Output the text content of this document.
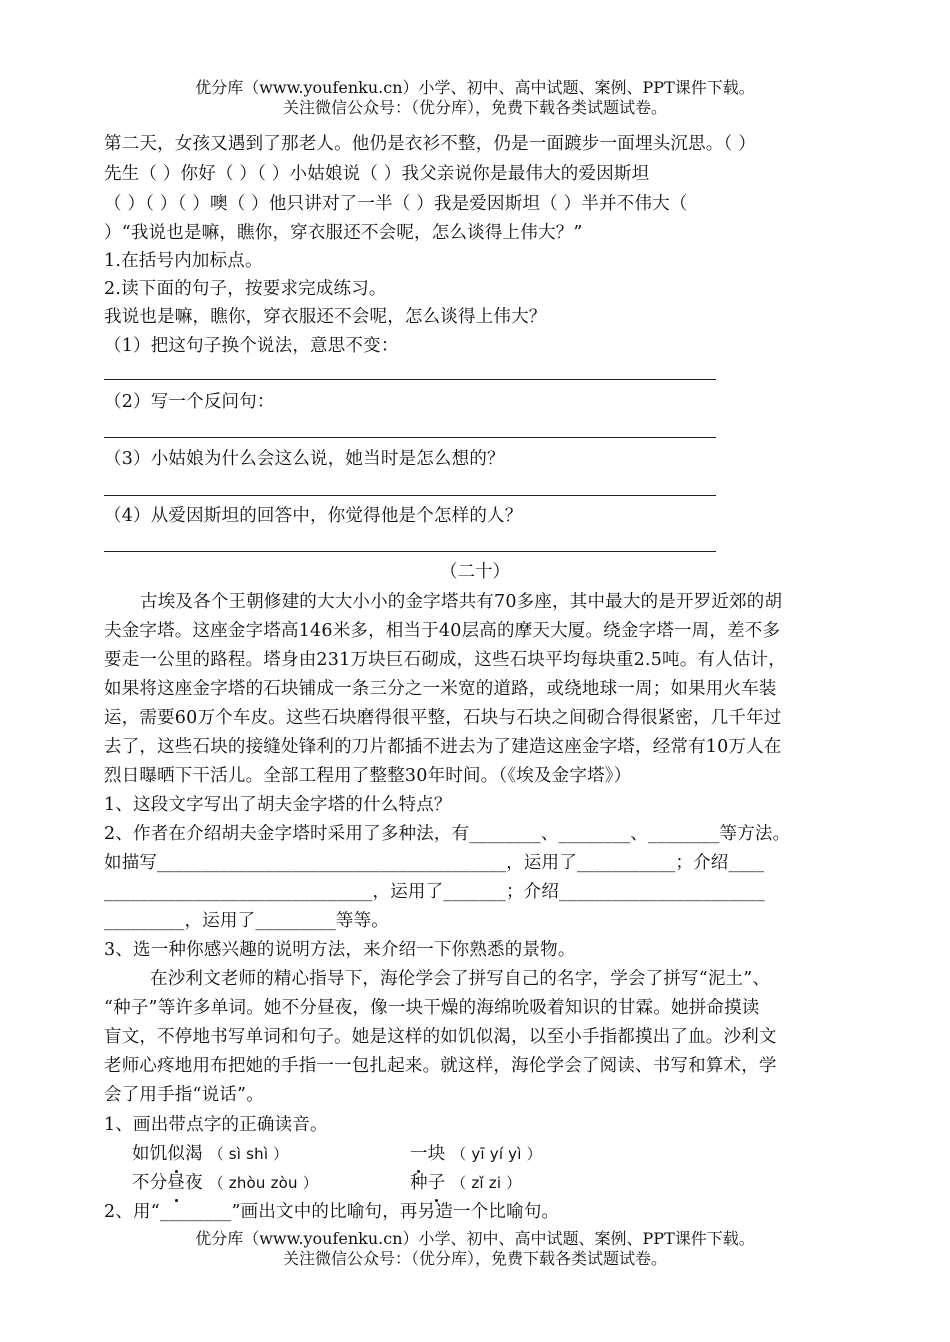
优分库（www.youfenku.cn）小学、初中、高中试题、案例、PPT课件下载。
关注微信公众号：（优分库），免费下载各类试题试卷。
第二天，女孩又遇到了那老人。他仍是衣衫不整，仍是一面踱步一面埋头沉思。（ ）
先生（ ）你好（ ）（ ）小姑娘说（ ）我父亲说你是最伟大的爱因斯坦
（ ）（ ）（ ）噢（ ）他只讲对了一半（ ）我是爱因斯坦（ ）半并不伟大（
）“我说也是嘛，瞧你，穿衣服还不会呢，怎么谈得上伟大？”
1.在括号内加标点。
2.读下面的句子，按要求完成练习。
我说也是嘛，瞧你，穿衣服还不会呢，怎么谈得上伟大？
（1）把这句子换个说法，意思不变：
（2）写一个反问句：
（3）小姑娘为什么会这么说，她当时是怎么想的？
（4）从爱因斯坦的回答中，你觉得他是个怎样的人？
（二十）
古埃及各个王朝修建的大大小小的金字塔共有70多座，其中最大的是开罗近郊的胡
夫金字塔。这座金字塔高146米多，相当于40层高的摩天大厦。绕金字塔一周，差不多
要走一公里的路程。塔身由231万块巨石砌成，这些石块平均每块重2.5吨。有人估计，
如果将这座金字塔的石块铺成一条三分之一米宽的道路，或绕地球一周；如果用火车装
运，需要60万个车皮。这些石块磨得很平整，石块与石块之间砌合得很紧密，几千年过
去了，这些石块的接缝处锋利的刀片都插不进去为了建造这座金字塔，经常有10万人在
烈日曝晒下干活儿。全部工程用了整整30年时间。（《埃及金字塔》）
1、这段文字写出了胡夫金字塔的什么特点？
2、作者在介绍胡夫金字塔时采用了多种法，有________、________、________等方法。
如描写_______________________________________，运用了___________；介绍____
______________________________，运用了_______；介绍_______________________
_________，运用了_________等等。
3、选一种你感兴趣的说明方法，来介绍一下你熟悉的景物。
在沙利文老师的精心指导下，海伦学会了拼写自己的名字，学会了拼写“泥土”、
“种子”等许多单词。她不分昼夜，像一块干燥的海绵吮吸着知识的甘霖。她拼命摸读
盲文，不停地书写单词和句子。她是这样的如饥似渴，以至小手指都摸出了血。沙利文
老师心疼地用布把她的手指一一包扎起来。就这样，海伦学会了阅读、书写和算术，学
会了用手指“说话”。
1、画出带点字的正确读音。
如饥似渴 （ sì shì ）	一块 （ yī yí yì ）
不分昼夜 （ zhòu zòu ）	种子 （ zǐ zi ）
2、用“________”画出文中的比喻句，再另造一个比喻句。
优分库（www.youfenku.cn）小学、初中、高中试题、案例、PPT课件下载。
关注微信公众号：（优分库），免费下载各类试题试卷。
